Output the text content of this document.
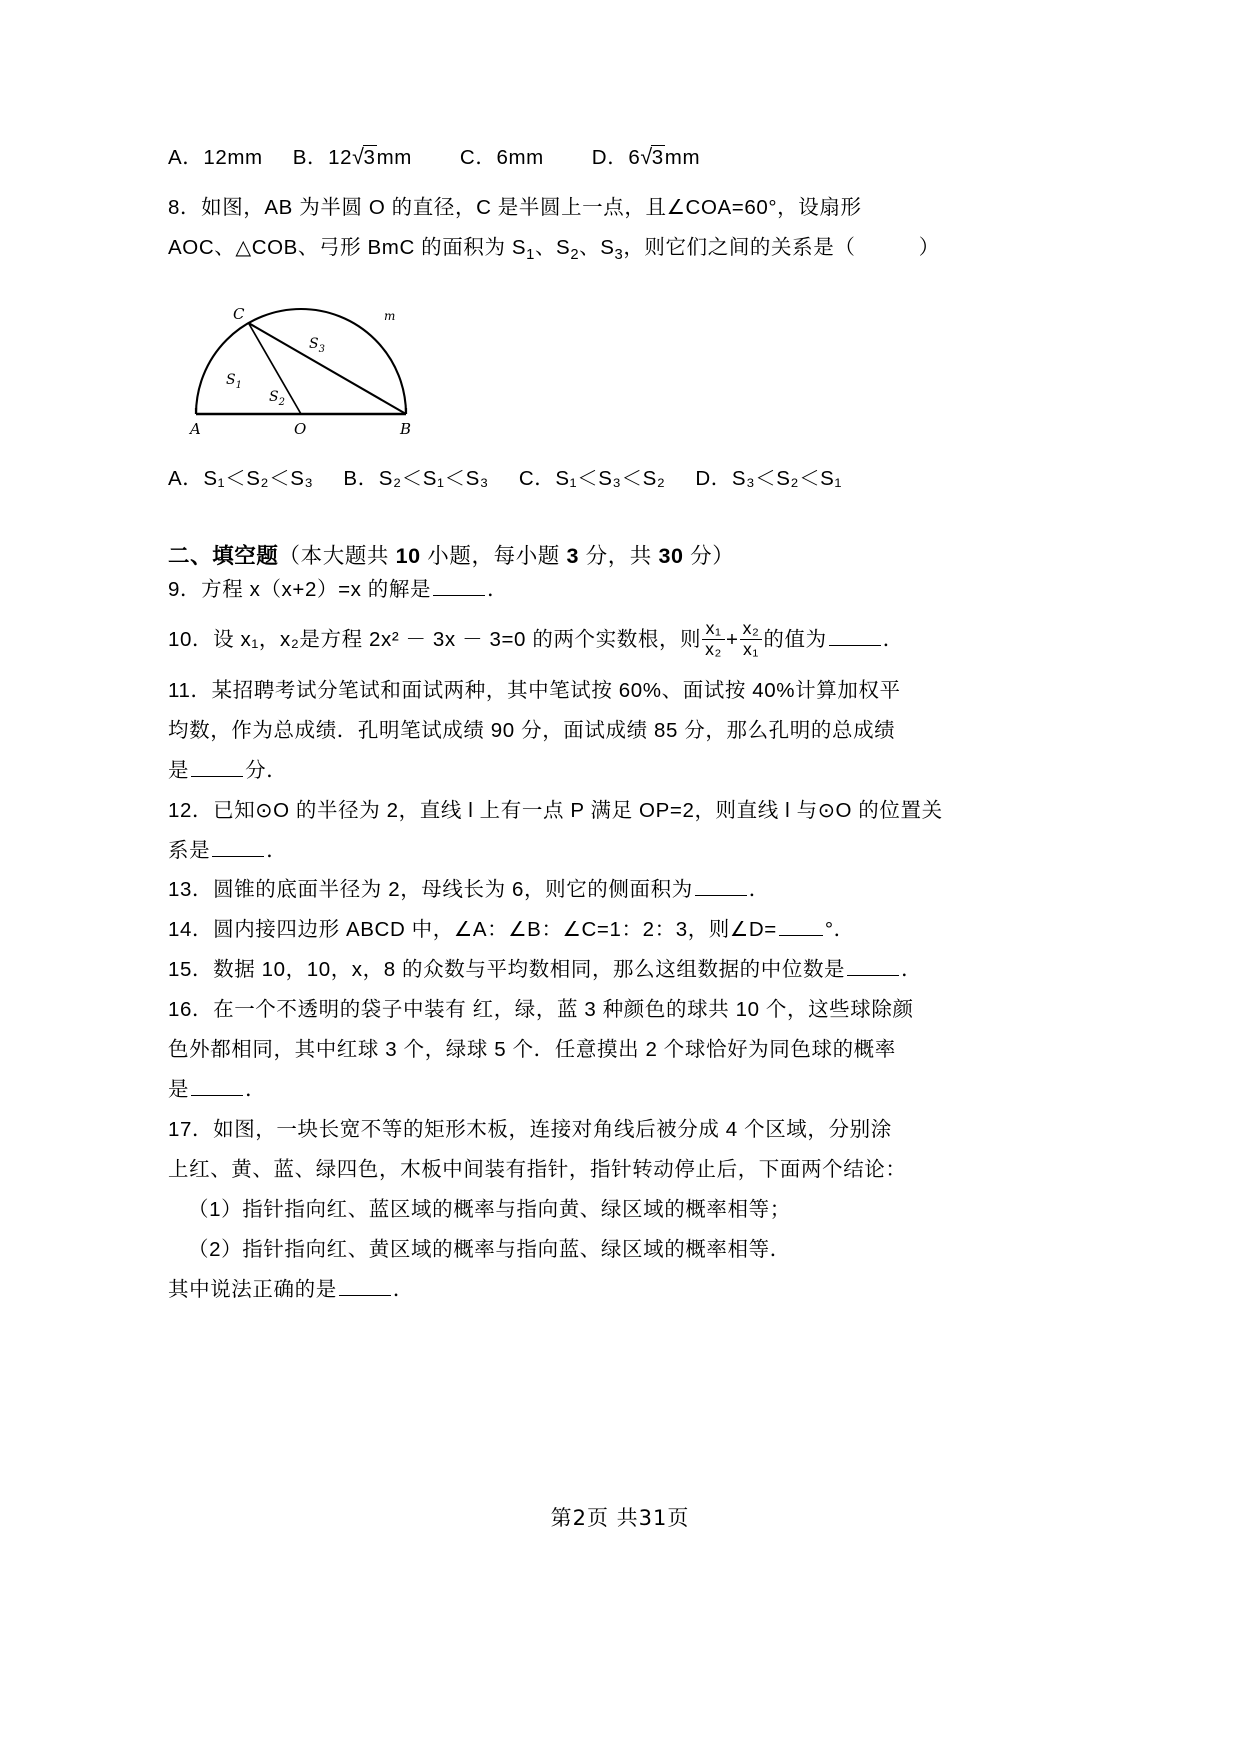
A．12mm B．12√3mm C．6mm D．6√3mm
8．如图，AB 为半圆 O 的直径，C 是半圆上一点，且∠COA=60°，设扇形
AOC、△COB、弓形 BmC 的面积为 $S_1$、$S_2$、$S_3$，则它们之间的关系是（　　　）
C	m
A	O	B
$S_1$
$S_2$
$S_3$
A．S₁＜S₂＜S₃ B．S₂＜S₁＜S₃ C．S₁＜S₃＜S₂ D．S₃＜S₂＜S₁
二、填空题（本大题共 10 小题，每小题 3 分，共 30 分）
9．方程 x（x+2）=x 的解是	．
10．设 x₁，x₂是方程 2x² － 3x － 3=0 的两个实数根，则 $\frac{\text{x₁}}{\text{x₂}} + \frac{\text{x₂}}{\text{x₁}}$ 的值为	．
11．某招聘考试分笔试和面试两种，其中笔试按 60%、面试按 40%计算加权平
均数，作为总成绩．孔明笔试成绩 90 分，面试成绩 85 分，那么孔明的总成绩
是	分．
12．已知⊙O 的半径为 2，直线 l 上有一点 P 满足 OP=2，则直线 l 与⊙O 的位置关
系是	．
13．圆锥的底面半径为 2，母线长为 6，则它的侧面积为	．
14．圆内接四边形 ABCD 中，∠A：∠B：∠C=1：2：3，则∠D= °．
15．数据 10，10，x，8 的众数与平均数相同，那么这组数据的中位数是	．
16．在一个不透明的袋子中装有 红，绿，蓝 3 种颜色的球共 10 个，这些球除颜
色外都相同，其中红球 3 个，绿球 5 个．任意摸出 2 个球恰好为同色球的概率
是	．
17．如图，一块长宽不等的矩形木板，连接对角线后被分成 4 个区域，分别涂
上红、黄、蓝、绿四色，木板中间装有指针，指针转动停止后，下面两个结论：
（1）指针指向红、蓝区域的概率与指向黄、绿区域的概率相等；
（2）指针指向红、黄区域的概率与指向蓝、绿区域的概率相等．
其中说法正确的是	．
第2页 共31页
